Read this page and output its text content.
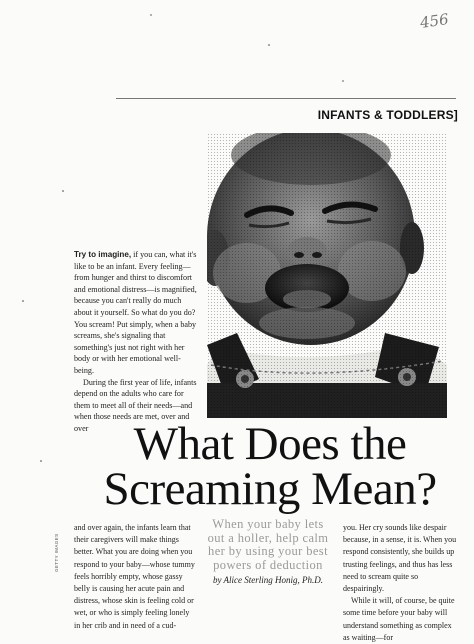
456
INFANTS & TODDLERS]

Try to imagine, if you can, what it's like to be an infant. Every feeling—from hunger and thirst to discomfort and emotional distress—is magnified, because you can't really do much about it yourself. So what do you do? You scream! Put simply, when a baby screams, she's signaling that something's just not right with her body or with her emotional well-being.

During the first year of life, infants depend on the adults who care for them to meet all of their needs—and when those needs are met, over and over What Does the
Screaming Mean?

and over again, the infants learn that their caregivers will make things better. What you are doing when you respond to your baby—whose tummy feels horribly empty, whose gassy belly is causing her acute pain and distress, whose skin is feeling cold or wet, or who is simply feeling lonely in her crib and in need of a cud-

When your baby lets out a holler, help calm her by using your best powers of deduction
by Alice Sterling Honig, Ph.D.

you. Her cry sounds like despair because, in a sense, it is. When you respond consistently, she builds up trusting feelings, and thus has less need to scream quite so despairingly.

While it will, of course, be quite some time before your baby will understand something as complex as waiting—for

GETTY IMAGES
